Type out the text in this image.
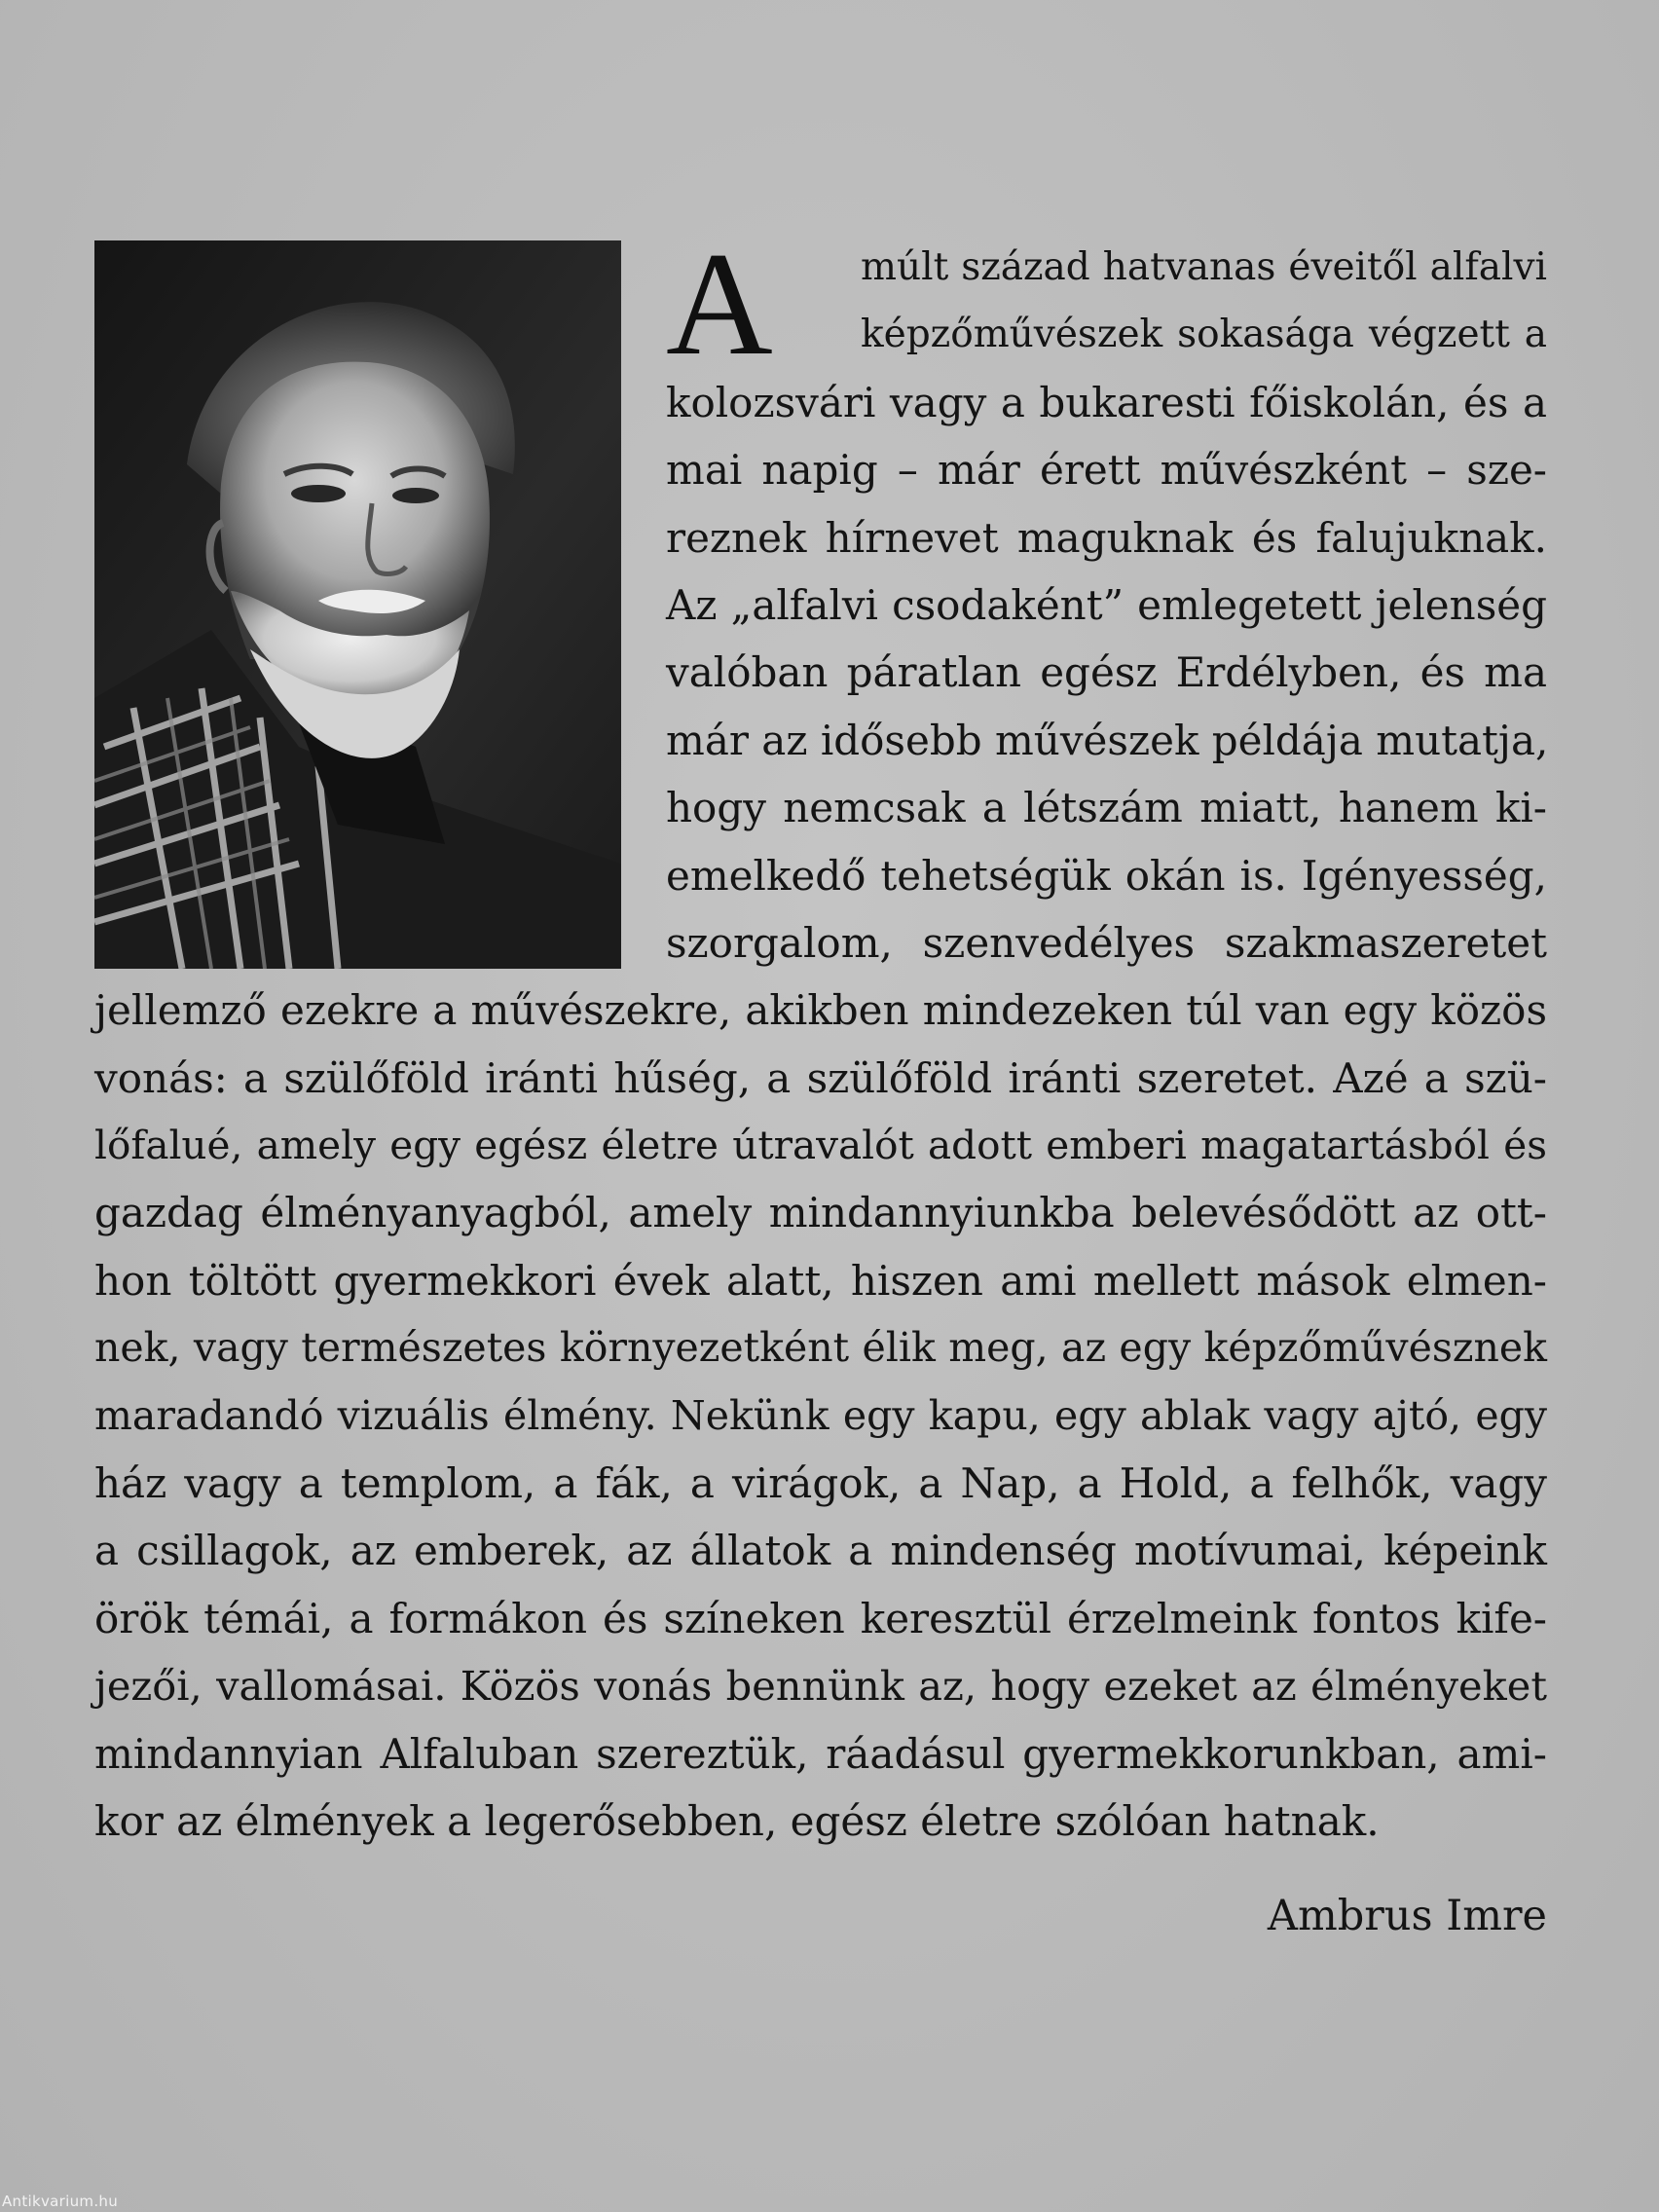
A múlt század hatvanas éveitől alfalvi
képzőművészek sokasága végzett a
kolozsvári vagy a bukaresti főiskolán, és a
mai napig – már érett művészként – sze-
reznek hírnevet maguknak és falujuknak.
Az „alfalvi csodaként” emlegetett jelenség
valóban páratlan egész Erdélyben, és ma
már az idősebb művészek példája mutatja,
hogy nemcsak a létszám miatt, hanem ki-
emelkedő tehetségük okán is. Igényesség,
szorgalom, szenvedélyes szakmaszeretet
jellemző ezekre a művészekre, akikben mindezeken túl van egy közös
vonás: a szülőföld iránti hűség, a szülőföld iránti szeretet. Azé a szü-
lőfalué, amely egy egész életre útravalót adott emberi magatartásból és
gazdag élményanyagból, amely mindannyiunkba belevésődött az ott-
hon töltött gyermekkori évek alatt, hiszen ami mellett mások elmen-
nek, vagy természetes környezetként élik meg, az egy képzőművésznek
maradandó vizuális élmény. Nekünk egy kapu, egy ablak vagy ajtó, egy
ház vagy a templom, a fák, a virágok, a Nap, a Hold, a felhők, vagy
a csillagok, az emberek, az állatok a mindenség motívumai, képeink
örök témái, a formákon és színeken keresztül érzelmeink fontos kife-
jezői, vallomásai. Közös vonás bennünk az, hogy ezeket az élményeket
mindannyian Alfaluban szereztük, ráadásul gyermekkorunkban, ami-
kor az élmények a legerősebben, egész életre szólóan hatnak.
Ambrus Imre
Antikvarium.hu
